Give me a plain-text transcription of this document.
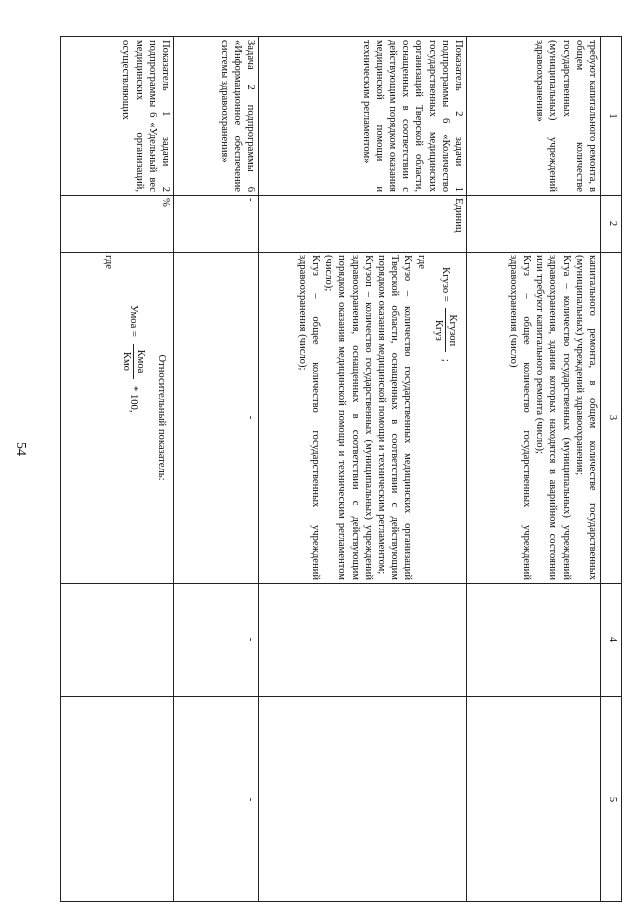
54
1
2
3
4
5

требуют капитального ремонта, в общем количестве государственных (муниципальных) учреждений здравоохранения»

капитального ремонта, в общем количестве государственных (муниципальных) учреждений здравоохранения;

Кгуа – количество государственных (муниципальных) учреждений здравоохранения, здания которых находятся в аварийном состоянии или требуют капитального ремонта (число);

Кгуз – общее количество государственных учреждений здравоохранения (число)

Показатель 2 задачи 1 подпрограммы 6 «Количество государственных медицинских организаций Тверской области, оснащенных в соответствии с действующим порядком оказания медицинской помощи и техническим регламентом»

Единиц
Кгузо =
Кгузоп
Кгуз
;

где

Кгузо – количество государственных медицинских организаций Тверской области, оснащенных в соответствии с действующим порядком оказания медицинской помощи и техническим регламентом;

Кгузоп – количество государственных (муниципальных) учреждений здравоохранения, оснащенных в соответствии с действующим порядком оказания медицинской помощи и техническим регламентом (число);

Кгуз – общее количество государственных учреждений здравоохранения (число);

Задача 2 подпрограммы 6 «Информационное обеспечение системы здравоохранения»

-

-

-
-

Показатель 1 задачи 2 подпрограммы 6 «Удельный вес медицинских организаций, осуществляющих

%
Относительный показатель:
Умоа =
Кмоа
Кмо
* 100,

где
